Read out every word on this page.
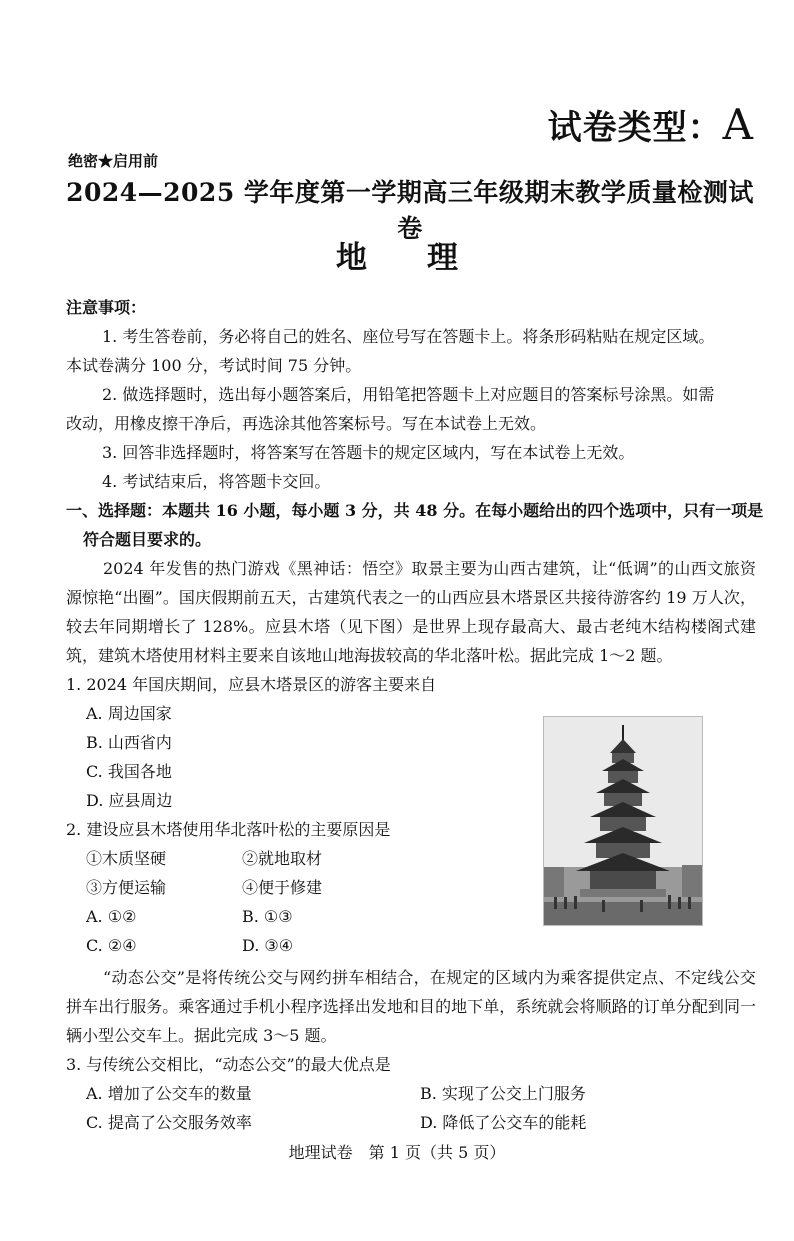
试卷类型：A
绝密★启用前
2024—2025 学年度第一学期高三年级期末教学质量检测试卷
地理
注意事项：
1. 考生答卷前，务必将自己的姓名、座位号写在答题卡上。将条形码粘贴在规定区域。
本试卷满分 100 分，考试时间 75 分钟。
2. 做选择题时，选出每小题答案后，用铅笔把答题卡上对应题目的答案标号涂黑。如需
改动，用橡皮擦干净后，再选涂其他答案标号。写在本试卷上无效。
3. 回答非选择题时，将答案写在答题卡的规定区域内，写在本试卷上无效。
4. 考试结束后，将答题卡交回。
一、选择题：本题共 16 小题，每小题 3 分，共 48 分。在每小题给出的四个选项中，只有一项是
符合题目要求的。
2024 年发售的热门游戏《黑神话：悟空》取景主要为山西古建筑，让“低调”的山西文旅资源惊艳“出圈”。国庆假期前五天，古建筑代表之一的山西应县木塔景区共接待游客约 19 万人次，较去年同期增长了 128%。应县木塔（见下图）是世界上现存最高大、最古老纯木结构楼阁式建筑，建筑木塔使用材料主要来自该地山地海拔较高的华北落叶松。据此完成 1～2 题。
1. 2024 年国庆期间，应县木塔景区的游客主要来自
A. 周边国家
B. 山西省内
C. 我国各地
D. 应县周边
2. 建设应县木塔使用华北落叶松的主要原因是
①木质坚硬	②就地取材
③方便运输	④便于修建
A. ①②	B. ①③
C. ②④	D. ③④
“动态公交”是将传统公交与网约拼车相结合，在规定的区域内为乘客提供定点、不定线公交拼车出行服务。乘客通过手机小程序选择出发地和目的地下单，系统就会将顺路的订单分配到同一辆小型公交车上。据此完成 3～5 题。
3. 与传统公交相比，“动态公交”的最大优点是
A. 增加了公交车的数量	B. 实现了公交上门服务
C. 提高了公交服务效率	D. 降低了公交车的能耗
地理试卷　第 1 页（共 5 页）
